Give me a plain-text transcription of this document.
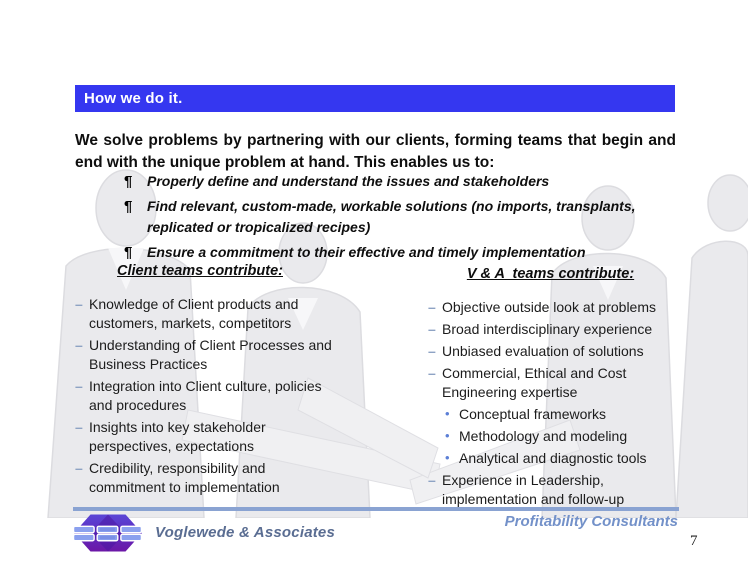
How we do it.

We solve problems by partnering with our clients, forming teams that begin and end with the unique problem at hand. This enables us to:

¶	Properly define and understand the issues and stakeholders
¶	Find relevant, custom-made, workable solutions (no imports, transplants, replicated or tropicalized recipes)
¶	Ensure a commitment to their effective and timely implementation
Client teams contribute:
– Knowledge of Client products and customers, markets, competitors
– Understanding of Client Processes and Business Practices
– Integration into Client culture, policies and procedures
– Insights into key stakeholder perspectives, expectations
– Credibility, responsibility and commitment to implementation
V & A  teams contribute:
– Objective outside look at problems
– Broad interdisciplinary experience
– Unbiased evaluation of solutions
– Commercial, Ethical and Cost Engineering expertise
• Conceptual frameworks
• Methodology and modeling
• Analytical and diagnostic tools
– Experience in Leadership, implementation and follow-up
Profitability Consultants
Voglewede & Associates	7
